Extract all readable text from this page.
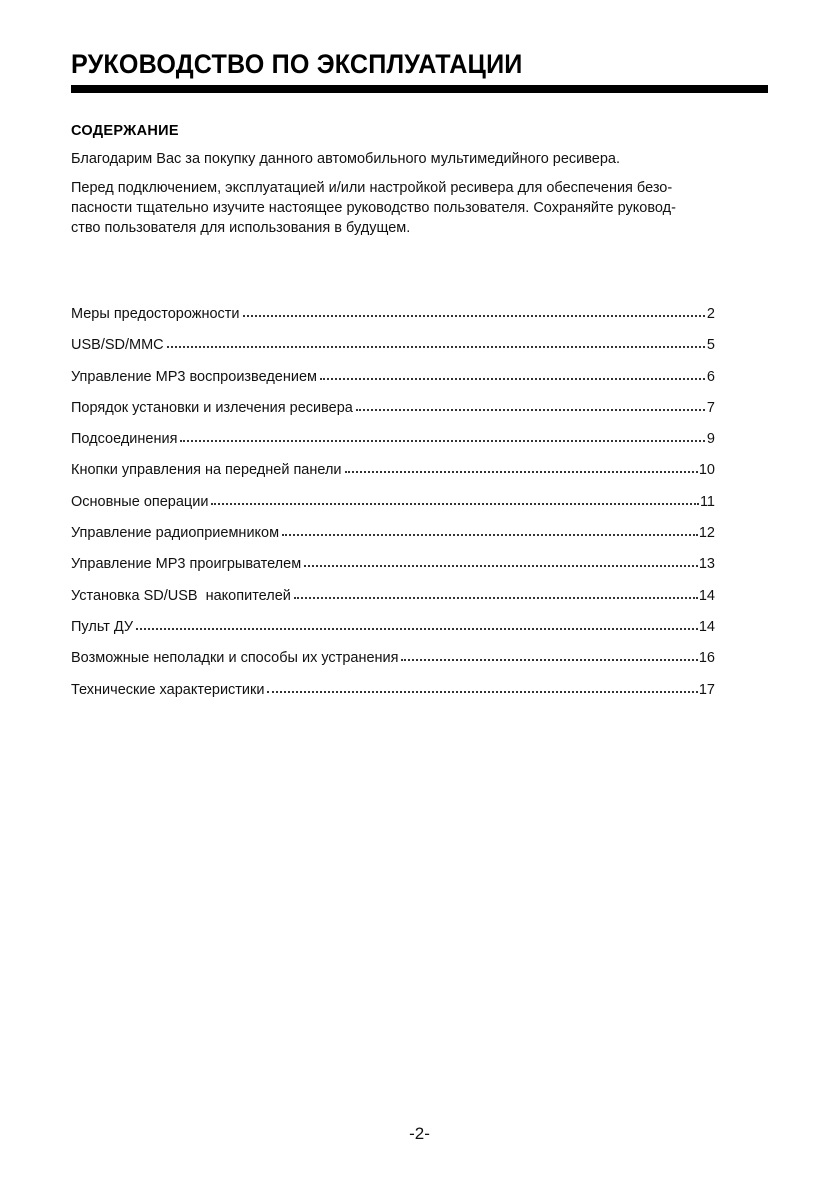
РУКОВОДСТВО ПО ЭКСПЛУАТАЦИИ
СОДЕРЖАНИЕ

Благодарим Вас за покупку данного автомобильного мультимедийного ресивера.

Перед подключением, эксплуатацией и/или настройкой ресивера для обеспечения безо-
пасности тщательно изучите настоящее руководство пользователя. Сохраняйте руковод-
ство пользователя для использования в будущем.
Меры предосторожности	2
USB/SD/MMC	5
Управление MP3 воспроизведением	6
Порядок установки и излечения ресивера	7
Подсоединения	9
Кнопки управления на передней панели	10
Основные операции	11
Управление радиоприемником	12
Управление MP3 проигрывателем	13
Установка SD/USB  накопителей	14
Пульт ДУ	14
Возможные неполадки и способы их устранения	16
Технические характеристики	17
-2-
